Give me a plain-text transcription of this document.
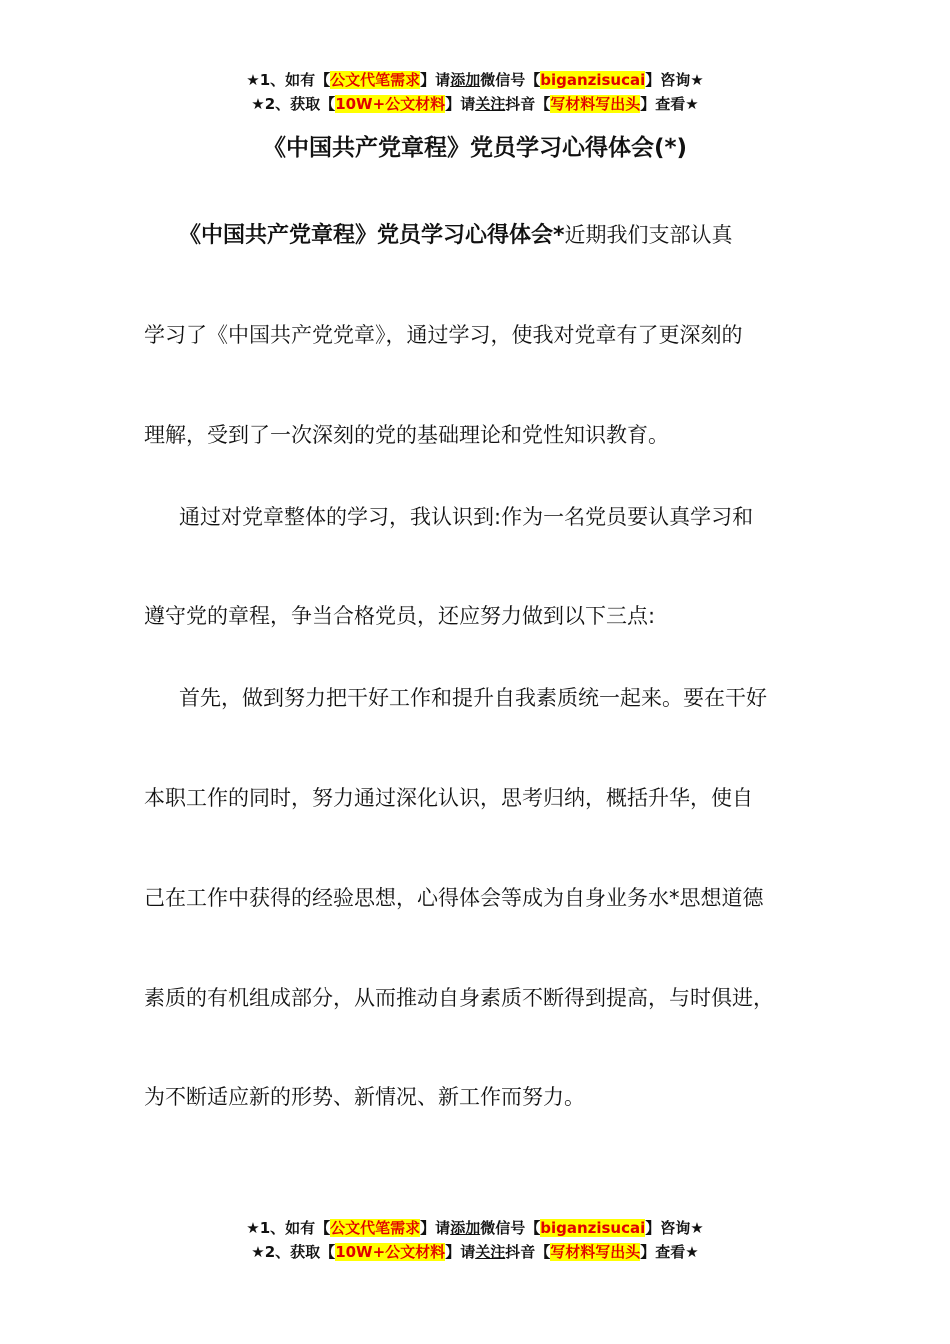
★1、如有【公文代笔需求】请添加微信号【biganzisucai】咨询★
★2、获取【10W+公文材料】请关注抖音【写材料写出头】查看★
《中国共产党章程》党员学习心得体会(*)
《中国共产党章程》党员学习心得体会*近期我们支部认真
学习了《中国共产党党章》，通过学习，使我对党章有了更深刻的
理解，受到了一次深刻的党的基础理论和党性知识教育。
通过对党章整体的学习，我认识到:作为一名党员要认真学习和
遵守党的章程，争当合格党员，还应努力做到以下三点:
首先，做到努力把干好工作和提升自我素质统一起来。要在干好
本职工作的同时，努力通过深化认识，思考归纳，概括升华，使自
己在工作中获得的经验思想，心得体会等成为自身业务水*思想道德
素质的有机组成部分，从而推动自身素质不断得到提高，与时俱进，
为不断适应新的形势、新情况、新工作而努力。
★1、如有【公文代笔需求】请添加微信号【biganzisucai】咨询★
★2、获取【10W+公文材料】请关注抖音【写材料写出头】查看★
